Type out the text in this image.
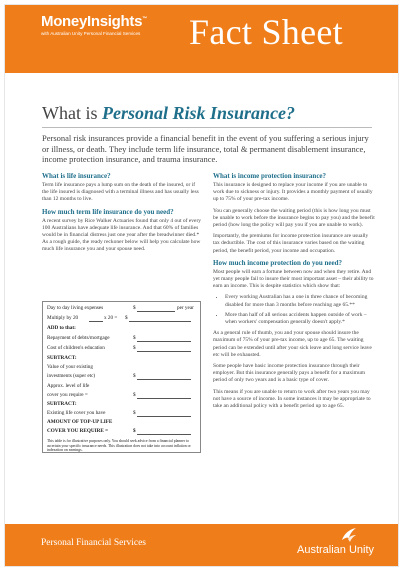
MoneyInsights™
with Australian Unity Personal Financial Services Fact Sheet
What is Personal Risk Insurance?
Personal risk insurances provide a financial benefit in the event of you suffering a serious injury or illness, or death. They include term life insurance, total & permanent disablement insurance, income protection insurance, and trauma insurance.
What is life insurance?
Term life insurance pays a lump sum on the death of the insured, or if the life insured is diagnosed with a terminal illness and has usually less than 12 months to live.
How much term life insurance do you need?
A recent survey by Rice Walker Actuaries found that only 4 out of every 100 Australians have adequate life insurance. And that 60% of families would be in financial distress just one year after the breadwinner died.* As a rough guide, the ready reckoner below will help you calculate how much life insurance you and your spouse need.
Day to day living expenses	$	per year
Multiply by 20	x 20 = $
ADD to that:
Repayment of debts/mortgage	$
Cost of children's education	$
SUBTRACT:
Value of your existing
investments (super etc)	$
Approx. level of life
cover you require =	$
SUBTRACT:
Existing life cover you have	$
AMOUNT OF TOP-UP LIFE
COVER YOU REQUIRE =	$
This table is for illustrative purposes only. You should seek advice from a financial planner to ascertain your specific insurance needs. This illustration does not take into account inflation or indexation on earnings.
What is income protection insurance?
This insurance is designed to replace your income if you are unable to work due to sickness or injury. It provides a monthly payment of usually up to 75% of your pre-tax income.
You can generally choose the waiting period (this is how long you must be unable to work before the insurance begins to pay you) and the benefit period (how long the policy will pay you if you are unable to work).
Importantly, the premiums for income protection insurance are usually tax deductible. The cost of this insurance varies based on the waiting period, the benefit period, your income and occupation.
How much income protection do you need?
Most people will earn a fortune between now and when they retire. And yet many people fail to insure their most important asset – their ability to earn an income. This is despite statistics which show that:
• Every working Australian has a one in three chance of becoming disabled for more than 3 months before reaching age 65.**
• More than half of all serious accidents happen outside of work – when workers' compensation generally doesn't apply.*
As a general rule of thumb, you and your spouse should insure the maximum of 75% of your pre-tax income, up to age 65. The waiting period can be extended until after your sick leave and long service leave etc will be exhausted.
Some people have basic income protection insurance through their employer. But this insurance generally pays a benefit for a maximum period of only two years and is a basic type of cover.
This means if you are unable to return to work after two years you may not have a source of income. In some instances it may be appropriate to take an additional policy with a benefit period up to age 65.
Personal Financial Services
Australian Unity
